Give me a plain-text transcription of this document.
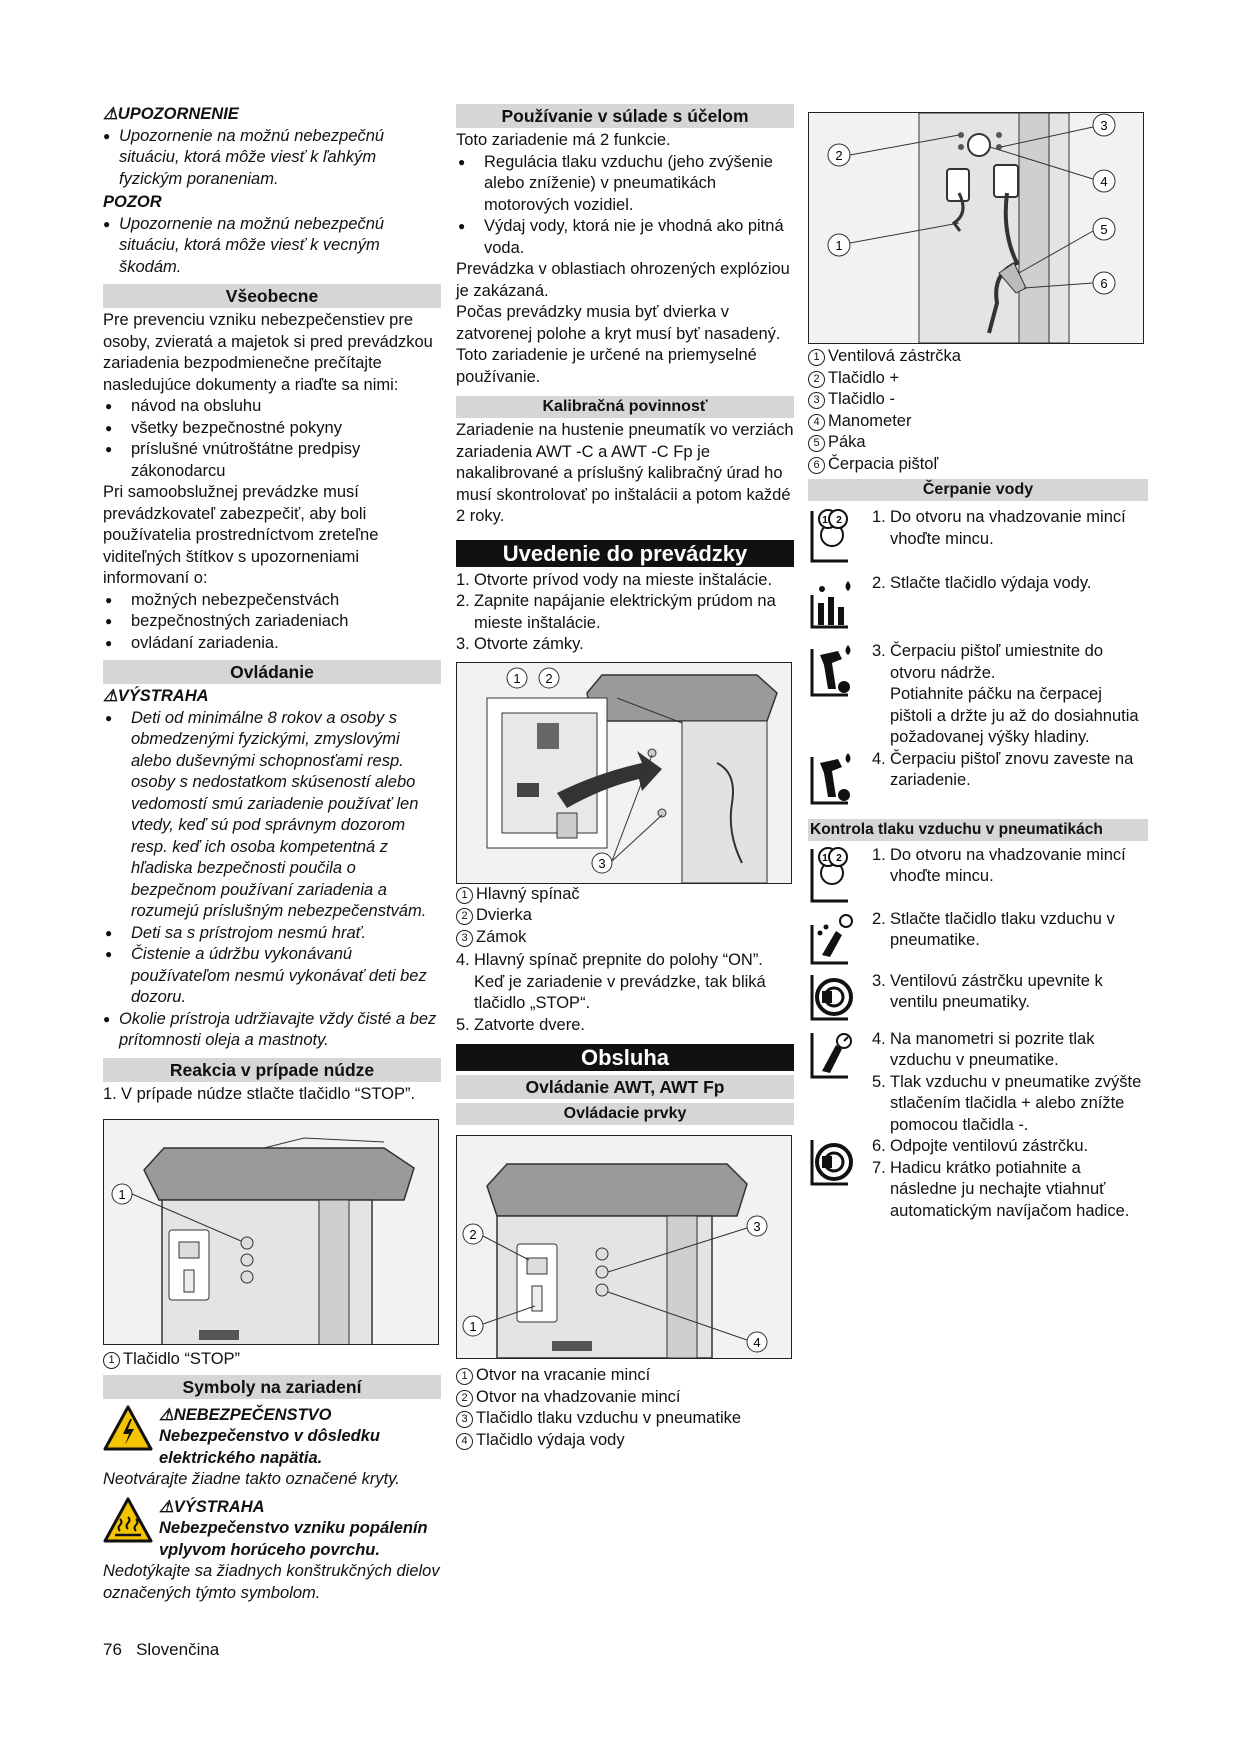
⚠UPOZORNENIE

● Upozornenie na možnú nebezpečnú situáciu, ktorá môže viesť k ľahkým fyzickým poraneniam.

POZOR

● Upozornenie na možnú nebezpečnú situáciu, ktorá môže viesť k vecným škodám.

Všeobecne

Pre prevenciu vzniku nebezpečenstiev pre osoby, zvieratá a majetok si pred prevádzkou zariadenia bezpodmienečne prečítajte nasledujúce dokumenty a riaďte sa nimi:

● návod na obsluhu

● všetky bezpečnostné pokyny

● príslušné vnútroštátne predpisy zákonodarcu

Pri samoobslužnej prevádzke musí prevádzkovateľ zabezpečiť, aby boli používatelia prostredníctvom zreteľne viditeľných štítkov s upozorneniami informovaní o:

● možných nebezpečenstvách

● bezpečnostných zariadeniach

● ovládaní zariadenia.

Ovládanie

⚠VÝSTRAHA

● Deti od minimálne 8 rokov a osoby s obmedzenými fyzickými, zmyslovými alebo duševnými schopnosťami resp. osoby s nedostatkom skúseností alebo vedomostí smú zariadenie používať len vtedy, keď sú pod správnym dozorom resp. keď ich osoba kompetentná z hľadiska bezpečnosti poučila o bezpečnom používaní zariadenia a rozumejú príslušným nebezpečenstvám.

● Deti sa s prístrojom nesmú hrať.

● Čistenie a údržbu vykonávanú používateľom nesmú vykonávať deti bez dozoru.

● Okolie prístroja udržiavajte vždy čisté a bez prítomnosti oleja a mastnoty.

Reakcia v prípade núdze

1. V prípade núdze stlačte tlačidlo “STOP”.

1
1 Tlačidlo “STOP”
Symboly na zariadení

⚠NEBEZPEČENSTVO

Nebezpečenstvo v dôsledku elektrického napätia.

Neotvárajte žiadne takto označené kryty.

⚠VÝSTRAHA

Nebezpečenstvo vzniku popálenín vplyvom horúceho povrchu.

Nedotýkajte sa žiadnych konštrukčných dielov označených týmto symbolom.

Používanie v súlade s účelom

Toto zariadenie má 2 funkcie.

● Regulácia tlaku vzduchu (jeho zvýšenie alebo zníženie) v pneumatikách motorových vozidiel.

● Výdaj vody, ktorá nie je vhodná ako pitná voda.

Prevádzka v oblastiach ohrozených explóziou je zakázaná.

Počas prevádzky musia byť dvierka v zatvorenej polohe a kryt musí byť nasadený.

Toto zariadenie je určené na priemyselné používanie.

Kalibračná povinnosť

Zariadenie na hustenie pneumatík vo verziách zariadenia AWT -C a AWT -C Fp je nakalibrované a príslušný kalibračný úrad ho musí skontrolovať po inštalácii a potom každé 2 roky.

Uvedenie do prevádzky

1. Otvorte prívod vody na mieste inštalácie.

2. Zapnite napájanie elektrickým prúdom na mieste inštalácie.

3. Otvorte zámky.

1 2
3
1 Hlavný spínač
2 Dvierka
3 Zámok

4. Hlavný spínač prepnite do polohy “ON”. Keď je zariadenie v prevádzke, tak bliká tlačidlo „STOP“.

5. Zatvorte dvere.

Obsluha
Ovládanie AWT, AWT Fp
Ovládacie prvky
2
1
3
4
1 Otvor na vracanie mincí
2 Otvor na vhadzovanie mincí
3 Tlačidlo tlaku vzduchu v pneumatike
4 Tlačidlo výdaja vody
2
1
3
4
5
6
1 Ventilová zástrčka
2 Tlačidlo +
3 Tlačidlo -
4 Manometer
5 Páka
6 Čerpacia pištoľ
Čerpanie vody
1 2 1. Do otvoru na vhadzovanie mincí vhoďte mincu.

2. Stlačte tlačidlo výdaja vody.

3. Čerpaciu pištoľ umiestnite do otvoru nádrže.

Potiahnite páčku na čerpacej pištoli a držte ju až do dosiahnutia požadovanej výšky hladiny.

4. Čerpaciu pištoľ znovu zaveste na zariadenie.

Kontrola tlaku vzduchu v pneumatikách
1 2 1. Do otvoru na vhadzovanie mincí vhoďte mincu.

2. Stlačte tlačidlo tlaku vzduchu v pneumatike.

3. Ventilovú zástrčku upevnite k ventilu pneumatiky.

4. Na manometri si pozrite tlak vzduchu v pneumatike.

5. Tlak vzduchu v pneumatike zvýšte stlačením tlačidla + alebo znížte pomocou tlačidla -.

6. Odpojte ventilovú zástrčku.

7. Hadicu krátko potiahnite a následne ju nechajte vtiahnuť automatickým navíjačom hadice.

76 Slovenčina
